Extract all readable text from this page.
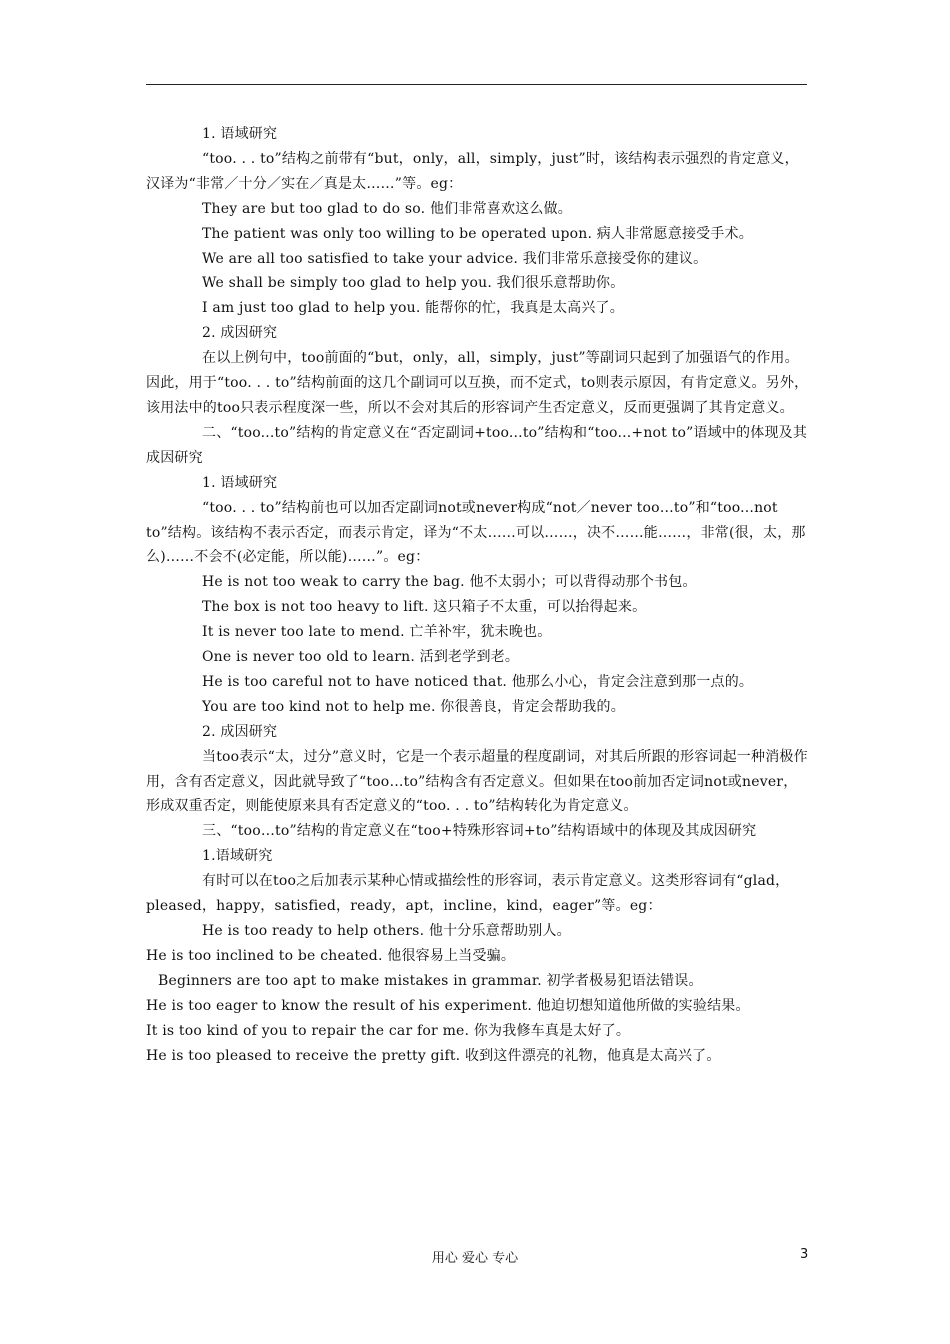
1. 语域研究

“too. . . to”结构之前带有“but，only，all，simply，just”时，该结构表示强烈的肯定意义，汉译为“非常／十分／实在／真是太……”等。eg：

They are but too glad to do so. 他们非常喜欢这么做。

The patient was only too willing to be operated upon. 病人非常愿意接受手术。

We are all too satisfied to take your advice. 我们非常乐意接受你的建议。

We shall be simply too glad to help you. 我们很乐意帮助你。

I am just too glad to help you. 能帮你的忙，我真是太高兴了。

2. 成因研究

在以上例句中，too前面的“but，only，all，simply，just”等副词只起到了加强语气的作用。因此，用于“too. . . to”结构前面的这几个副词可以互换，而不定式，to则表示原因，有肯定意义。另外，该用法中的too只表示程度深一些，所以不会对其后的形容词产生否定意义，反而更强调了其肯定意义。

二、“too...to”结构的肯定意义在“否定副词+too...to”结构和“too...+not to”语域中的体现及其成因研究

1. 语域研究

“too. . . to”结构前也可以加否定副词not或never构成“not／never too…to”和“too...not to”结构。该结构不表示否定，而表示肯定，译为“不太……可以……，决不……能……，非常(很，太，那么)……不会不(必定能，所以能)……”。eg：

He is not too weak to carry the bag. 他不太弱小；可以背得动那个书包。

The box is not too heavy to lift. 这只箱子不太重，可以抬得起来。

It is never too late to mend. 亡羊补牢，犹未晚也。

One is never too old to learn. 活到老学到老。

He is too careful not to have noticed that. 他那么小心，肯定会注意到那一点的。

You are too kind not to help me. 你很善良，肯定会帮助我的。

2. 成因研究

当too表示“太，过分”意义时，它是一个表示超量的程度副词，对其后所跟的形容词起一种消极作用，含有否定意义，因此就导致了“too…to”结构含有否定意义。但如果在too前加否定词not或never，形成双重否定，则能使原来具有否定意义的“too. . . to”结构转化为肯定意义。

三、“too…to”结构的肯定意义在“too+特殊形容词+to”结构语域中的体现及其成因研究

1.语域研究

有时可以在too之后加表示某种心情或描绘性的形容词，表示肯定意义。这类形容词有“glad，pleased，happy，satisfied，ready，apt，incline，kind，eager”等。eg：

He is too ready to help others. 他十分乐意帮助别人。

He is too inclined to be cheated. 他很容易上当受骗。

Beginners are too apt to make mistakes in grammar. 初学者极易犯语法错误。

He is too eager to know the result of his experiment. 他迫切想知道他所做的实验结果。

It is too kind of you to repair the car for me. 你为我修车真是太好了。

He is too pleased to receive the pretty gift. 收到这件漂亮的礼物，他真是太高兴了。

用心 爱心 专心	3
